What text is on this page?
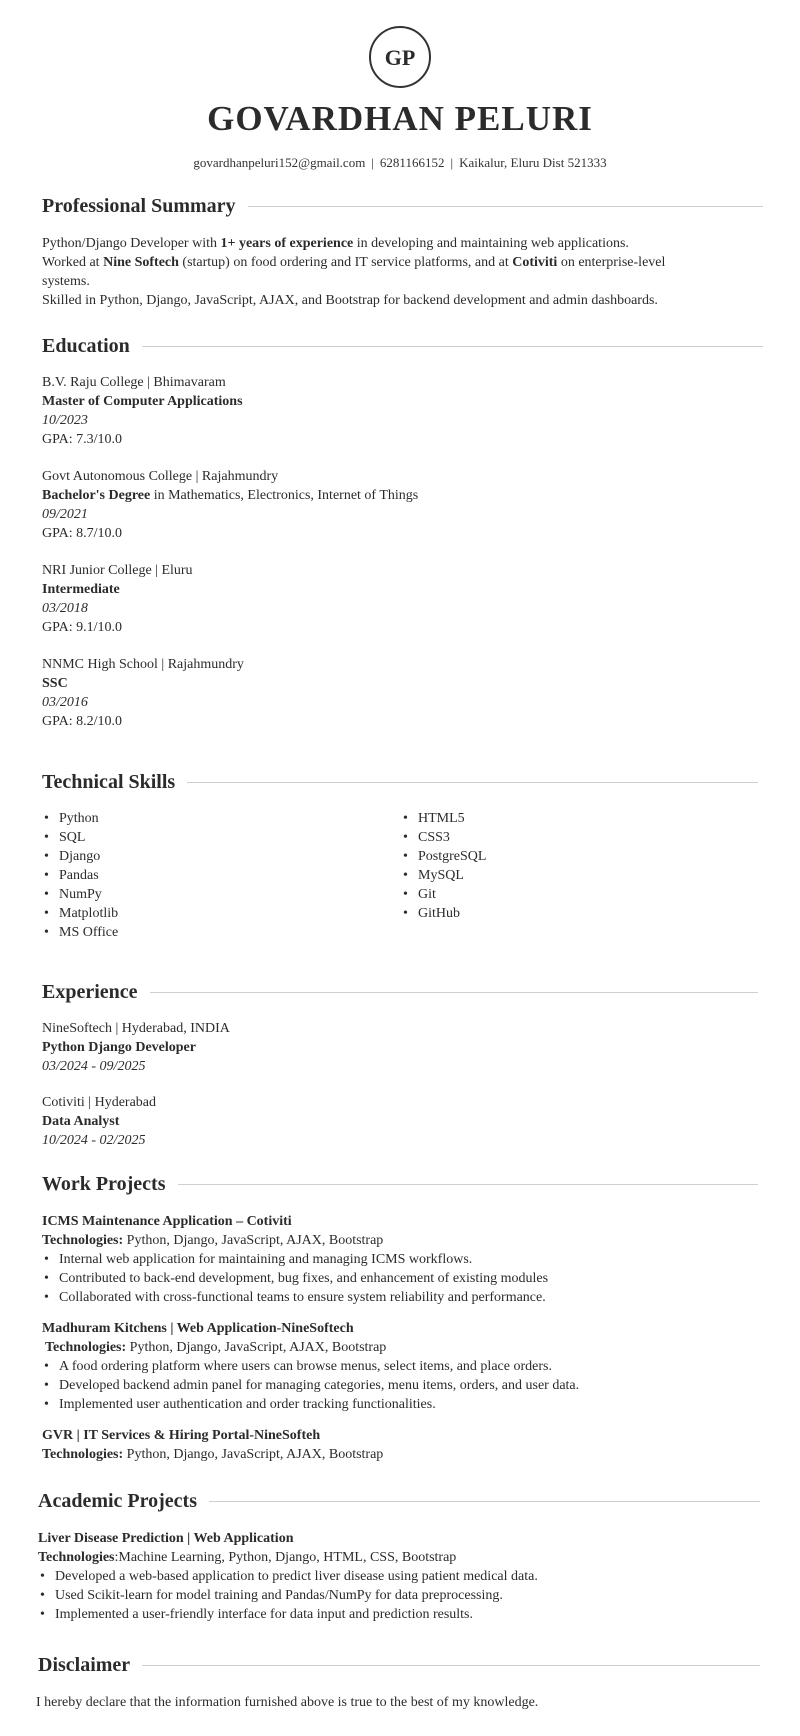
GP
GOVARDHAN PELURI
govardhanpeluri152@gmail.com | 6281166152 | Kaikalur, Eluru Dist 521333
Professional Summary
Python/Django Developer with 1+ years of experience in developing and maintaining web applications.
Worked at Nine Softech (startup) on food ordering and IT service platforms, and at Cotiviti on enterprise-level
systems.
Skilled in Python, Django, JavaScript, AJAX, and Bootstrap for backend development and admin dashboards.
Education
B.V. Raju College | Bhimavaram
Master of Computer Applications
10/2023
GPA: 7.3/10.0
Govt Autonomous College | Rajahmundry
Bachelor's Degree in Mathematics, Electronics, Internet of Things
09/2021
GPA: 8.7/10.0
NRI Junior College | Eluru
Intermediate
03/2018
GPA: 9.1/10.0
NNMC High School | Rajahmundry
SSC
03/2016
GPA: 8.2/10.0
Technical Skills
• Python
• SQL
• Django
• Pandas
• NumPy
• Matplotlib
• MS Office
• HTML5
• CSS3
• PostgreSQL
• MySQL
• Git
• GitHub
Experience
NineSoftech | Hyderabad, INDIA
Python Django Developer
03/2024 - 09/2025
Cotiviti | Hyderabad
Data Analyst
10/2024 - 02/2025
Work Projects
ICMS Maintenance Application – Cotiviti
Technologies: Python, Django, JavaScript, AJAX, Bootstrap
• Internal web application for maintaining and managing ICMS workflows.
• Contributed to back-end development, bug fixes, and enhancement of existing modules
• Collaborated with cross-functional teams to ensure system reliability and performance.
Madhuram Kitchens | Web Application-NineSoftech
Technologies: Python, Django, JavaScript, AJAX, Bootstrap
• A food ordering platform where users can browse menus, select items, and place orders.
• Developed backend admin panel for managing categories, menu items, orders, and user data.
• Implemented user authentication and order tracking functionalities.
GVR | IT Services & Hiring Portal-NineSofteh
Technologies: Python, Django, JavaScript, AJAX, Bootstrap
Academic Projects
Liver Disease Prediction | Web Application
Technologies:Machine Learning, Python, Django, HTML, CSS, Bootstrap
• Developed a web-based application to predict liver disease using patient medical data.
• Used Scikit-learn for model training and Pandas/NumPy for data preprocessing.
• Implemented a user-friendly interface for data input and prediction results.
Disclaimer
I hereby declare that the information furnished above is true to the best of my knowledge.
